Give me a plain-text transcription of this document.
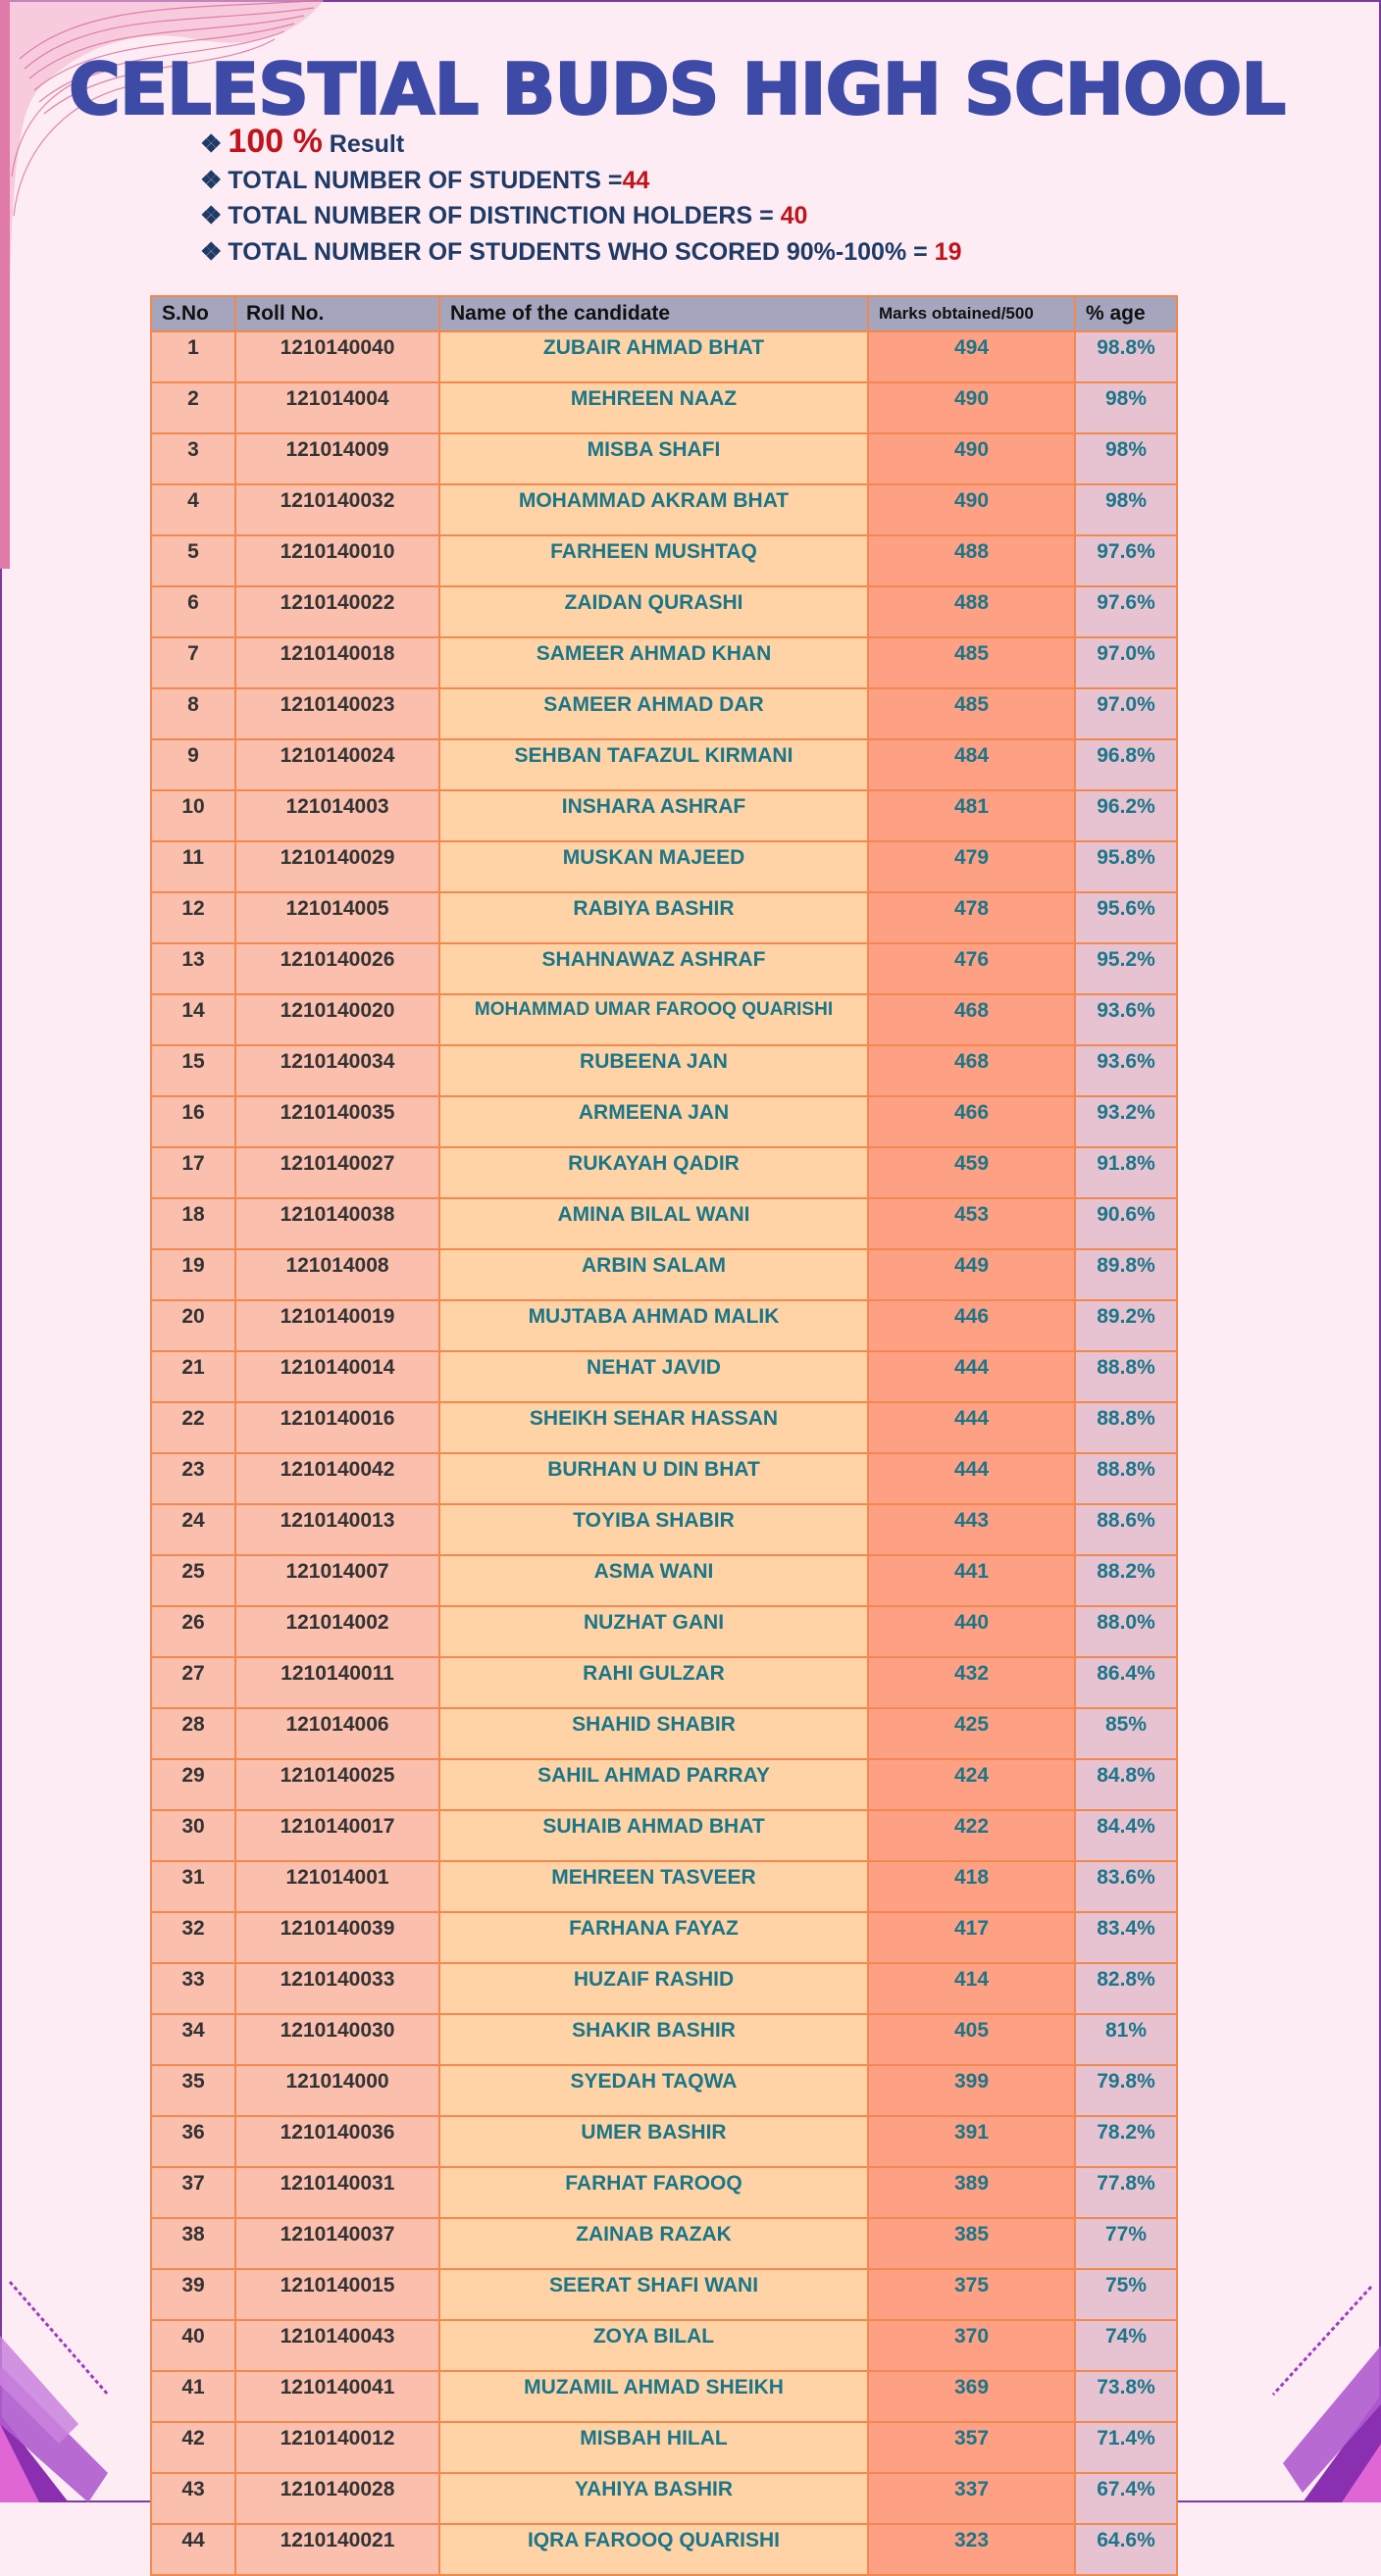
CELESTIAL BUDS HIGH SCHOOL
❖ 100 % Result
❖ TOTAL NUMBER OF STUDENTS =44
❖ TOTAL NUMBER OF DISTINCTION HOLDERS = 40
❖ TOTAL NUMBER OF STUDENTS WHO SCORED 90%-100% = 19
S.No	Roll No.	Name of the candidate	Marks obtained/500	% age
1	1210140040	ZUBAIR AHMAD BHAT	494	98.8%
2	121014004	MEHREEN NAAZ	490	98%
3	121014009	MISBA SHAFI	490	98%
4	1210140032	MOHAMMAD AKRAM BHAT	490	98%
5	1210140010	FARHEEN MUSHTAQ	488	97.6%
6	1210140022	ZAIDAN QURASHI	488	97.6%
7	1210140018	SAMEER AHMAD KHAN	485	97.0%
8	1210140023	SAMEER AHMAD DAR	485	97.0%
9	1210140024	SEHBAN TAFAZUL KIRMANI	484	96.8%
10	121014003	INSHARA ASHRAF	481	96.2%
11	1210140029	MUSKAN MAJEED	479	95.8%
12	121014005	RABIYA BASHIR	478	95.6%
13	1210140026	SHAHNAWAZ ASHRAF	476	95.2%
14	1210140020	MOHAMMAD UMAR FAROOQ QUARISHI	468	93.6%
15	1210140034	RUBEENA JAN	468	93.6%
16	1210140035	ARMEENA JAN	466	93.2%
17	1210140027	RUKAYAH QADIR	459	91.8%
18	1210140038	AMINA BILAL WANI	453	90.6%
19	121014008	ARBIN SALAM	449	89.8%
20	1210140019	MUJTABA AHMAD MALIK	446	89.2%
21	1210140014	NEHAT JAVID	444	88.8%
22	1210140016	SHEIKH SEHAR HASSAN	444	88.8%
23	1210140042	BURHAN U DIN BHAT	444	88.8%
24	1210140013	TOYIBA SHABIR	443	88.6%
25	121014007	ASMA WANI	441	88.2%
26	121014002	NUZHAT GANI	440	88.0%
27	1210140011	RAHI GULZAR	432	86.4%
28	121014006	SHAHID SHABIR	425	85%
29	1210140025	SAHIL AHMAD PARRAY	424	84.8%
30	1210140017	SUHAIB AHMAD BHAT	422	84.4%
31	121014001	MEHREEN TASVEER	418	83.6%
32	1210140039	FARHANA FAYAZ	417	83.4%
33	1210140033	HUZAIF RASHID	414	82.8%
34	1210140030	SHAKIR BASHIR	405	81%
35	121014000	SYEDAH TAQWA	399	79.8%
36	1210140036	UMER BASHIR	391	78.2%
37	1210140031	FARHAT FAROOQ	389	77.8%
38	1210140037	ZAINAB RAZAK	385	77%
39	1210140015	SEERAT SHAFI WANI	375	75%
40	1210140043	ZOYA BILAL	370	74%
41	1210140041	MUZAMIL AHMAD SHEIKH	369	73.8%
42	1210140012	MISBAH HILAL	357	71.4%
43	1210140028	YAHIYA BASHIR	337	67.4%
44	1210140021	IQRA FAROOQ QUARISHI	323	64.6%
